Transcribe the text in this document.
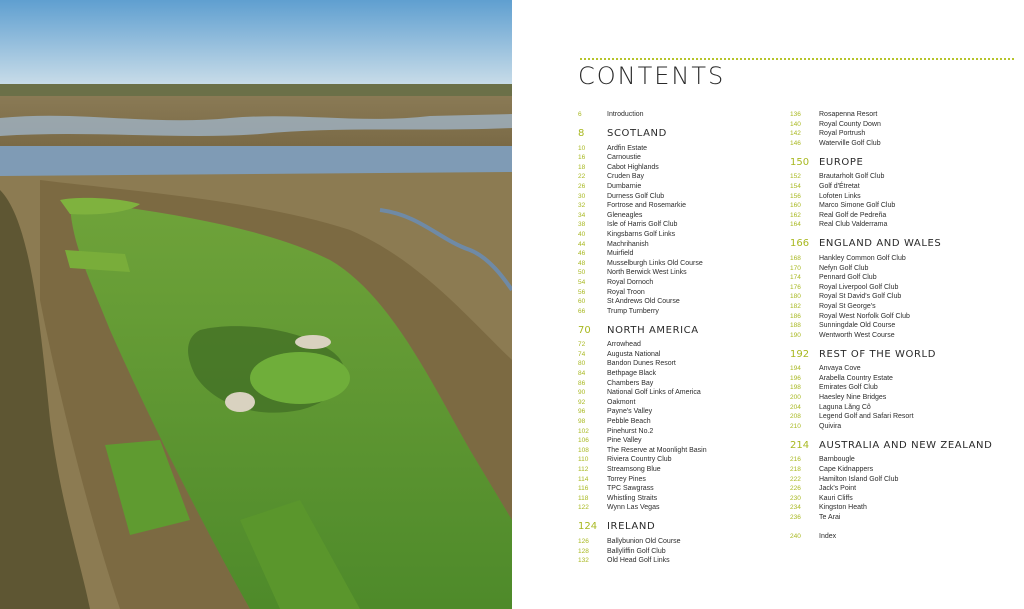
CONTENTS
6	Introduction
8	SCOTLAND
10	Ardfin Estate
16	Carnoustie
18	Cabot Highlands
22	Cruden Bay
26	Dumbarnie
30	Durness Golf Club
32	Fortrose and Rosemarkie
34	Gleneagles
38	Isle of Harris Golf Club
40	Kingsbarns Golf Links
44	Machrihanish
46	Muirfield
48	Musselburgh Links Old Course
50	North Berwick West Links
54	Royal Dornoch
56	Royal Troon
60	St Andrews Old Course
66	Trump Turnberry
70	NORTH AMERICA
72	Arrowhead
74	Augusta National
80	Bandon Dunes Resort
84	Bethpage Black
86	Chambers Bay
90	National Golf Links of America
92	Oakmont
96	Payne's Valley
98	Pebble Beach
102	Pinehurst No.2
106	Pine Valley
108	The Reserve at Moonlight Basin
110	Riviera Country Club
112	Streamsong Blue
114	Torrey Pines
116	TPC Sawgrass
118	Whistling Straits
122	Wynn Las Vegas
124 IRELAND
126	Ballybunion Old Course
128	Ballyliffin Golf Club
132	Old Head Golf Links
136	Rosapenna Resort
140	Royal County Down
142	Royal Portrush
146	Waterville Golf Club
150 EUROPE
152	Brautarholt Golf Club
154	Golf d'Étretat
156	Lofoten Links
160	Marco Simone Golf Club
162	Real Golf de Pedreña
164	Real Club Valderrama
166 ENGLAND AND WALES
168	Hankley Common Golf Club
170	Nefyn Golf Club
174	Pennard Golf Club
176	Royal Liverpool Golf Club
180	Royal St David's Golf Club
182	Royal St George's
186	Royal West Norfolk Golf Club
188	Sunningdale Old Course
190	Wentworth West Course
192 REST OF THE WORLD
194	Anvaya Cove
196	Arabella Country Estate
198	Emirates Golf Club
200	Haesley Nine Bridges
204	Laguna Lăng Cô
208	Legend Golf and Safari Resort
210	Quivira
214 AUSTRALIA AND NEW ZEALAND
216	Barnbougle
218	Cape Kidnappers
222	Hamilton Island Golf Club
226	Jack's Point
230	Kauri Cliffs
234	Kingston Heath
236	Te Arai
240	Index
